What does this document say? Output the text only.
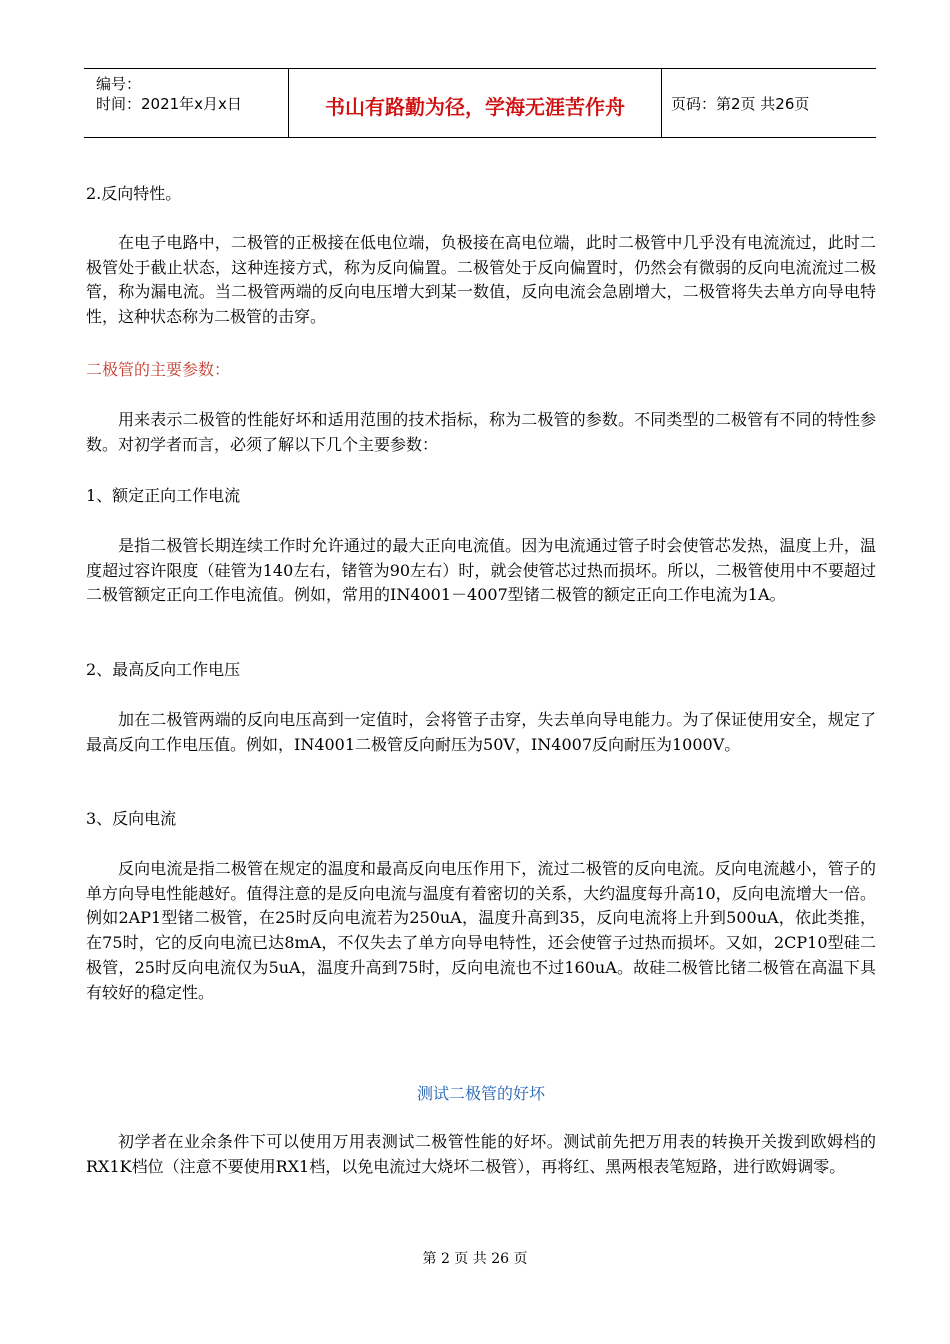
编号：
时间：2021年x月x日	书山有路勤为径，学海无涯苦作舟	页码：第2页 共26页

2.反向特性。

在电子电路中，二极管的正极接在低电位端，负极接在高电位端，此时二极管中几乎没有电流流过，此时二极管处于截止状态，这种连接方式，称为反向偏置。二极管处于反向偏置时，仍然会有微弱的反向电流流过二极管，称为漏电流。当二极管两端的反向电压增大到某一数值，反向电流会急剧增大，二极管将失去单方向导电特性，这种状态称为二极管的击穿。

二极管的主要参数：

用来表示二极管的性能好坏和适用范围的技术指标，称为二极管的参数。不同类型的二极管有不同的特性参数。对初学者而言，必须了解以下几个主要参数：

1、额定正向工作电流

是指二极管长期连续工作时允许通过的最大正向电流值。因为电流通过管子时会使管芯发热，温度上升，温度超过容许限度（硅管为140左右，锗管为90左右）时，就会使管芯过热而损坏。所以，二极管使用中不要超过二极管额定正向工作电流值。例如，常用的IN4001－4007型锗二极管的额定正向工作电流为1A。

2、最高反向工作电压

加在二极管两端的反向电压高到一定值时，会将管子击穿，失去单向导电能力。为了保证使用安全，规定了最高反向工作电压值。例如，IN4001二极管反向耐压为50V，IN4007反向耐压为1000V。

3、反向电流

反向电流是指二极管在规定的温度和最高反向电压作用下，流过二极管的反向电流。反向电流越小，管子的单方向导电性能越好。值得注意的是反向电流与温度有着密切的关系，大约温度每升高10，反向电流增大一倍。例如2AP1型锗二极管，在25时反向电流若为250uA，温度升高到35，反向电流将上升到500uA，依此类推，在75时，它的反向电流已达8mA，不仅失去了单方向导电特性，还会使管子过热而损坏。又如，2CP10型硅二极管，25时反向电流仅为5uA，温度升高到75时，反向电流也不过160uA。故硅二极管比锗二极管在高温下具有较好的稳定性。

测试二极管的好坏

初学者在业余条件下可以使用万用表测试二极管性能的好坏。测试前先把万用表的转换开关拨到欧姆档的RX1K档位（注意不要使用RX1档，以免电流过大烧坏二极管），再将红、黑两根表笔短路，进行欧姆调零。

第 2 页 共 26 页
